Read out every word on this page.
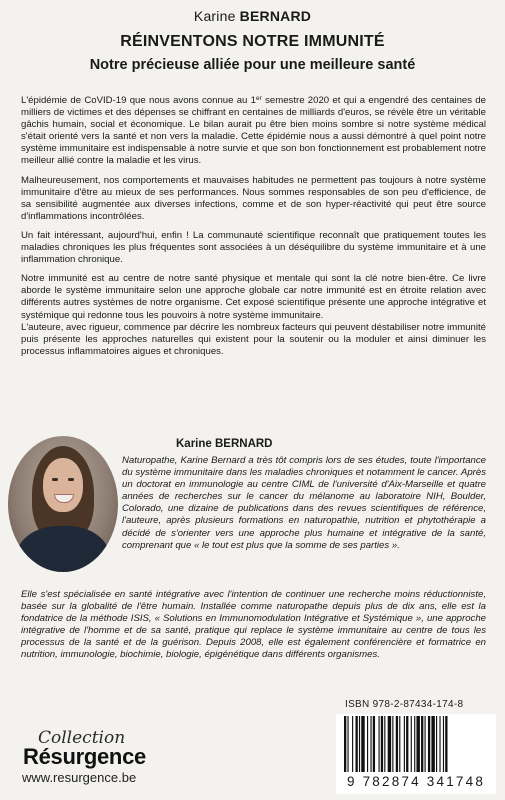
Karine BERNARD
RÉINVENTONS NOTRE IMMUNITÉ
Notre précieuse alliée pour une meilleure santé

L'épidémie de CoVID-19 que nous avons connue au 1er semestre 2020 et qui a engendré des centaines de milliers de victimes et des dépenses se chiffrant en centaines de milliards d'euros, se révèle être un véritable gâchis humain, social et économique. Le bilan aurait pu être bien moins sombre si notre système médical s'était orienté vers la santé et non vers la maladie. Cette épidémie nous a aussi démontré à quel point notre système immunitaire est indispensable à notre survie et que son bon fonctionnement est probablement notre meilleur allié contre la maladie et les virus.

Malheureusement, nos comportements et mauvaises habitudes ne permettent pas toujours à notre système immunitaire d'être au mieux de ses performances. Nous sommes responsables de son peu d'efficience, de sa sensibilité augmentée aux diverses infections, comme et de son hyper-réactivité qui peut être source d'inflammations incontrôlées.

Un fait intéressant, aujourd'hui, enfin ! La communauté scientifique reconnaît que pratiquement toutes les maladies chroniques les plus fréquentes sont associées à un déséquilibre du système immunitaire et à une inflammation chronique.

Notre immunité est au centre de notre santé physique et mentale qui sont la clé notre bien-être. Ce livre aborde le système immunitaire selon une approche globale car notre immunité est en étroite relation avec différents autres systèmes de notre organisme. Cet exposé scientifique présente une approche intégrative et systémique qui redonne tous les pouvoirs à notre système immunitaire.

L'auteure, avec rigueur, commence par décrire les nombreux facteurs qui peuvent déstabiliser notre immunité puis présente les approches naturelles qui existent pour la soutenir ou la moduler et ainsi diminuer les processus inflammatoires aigues et chroniques.

Karine BERNARD
Naturopathe, Karine Bernard a très tôt compris lors de ses études, toute l'importance du système immunitaire dans les maladies chroniques et notamment le cancer. Après un doctorat en immunologie au centre CIML de l'université d'Aix-Marseille et quatre années de recherches sur le cancer du mélanome au laboratoire NIH, Boulder, Colorado, une dizaine de publications dans des revues scientifiques de référence, l'auteure, après plusieurs formations en naturopathie, nutrition et phytothérapie a décidé de s'orienter vers une approche plus humaine et intégrative de la santé, comprenant que « le tout est plus que la somme de ses parties ».
Elle s'est spécialisée en santé intégrative avec l'intention de continuer une recherche moins réductionniste, basée sur la globalité de l'être humain. Installée comme naturopathe depuis plus de dix ans, elle est la fondatrice de la méthode ISIS, « Solutions en Immunomodulation Intégrative et Systémique », une approche intégrative de l'homme et de sa santé, pratique qui replace le système immunitaire au centre de tous les processus de la santé et de la guérison. Depuis 2008, elle est également conférencière et formatrice en nutrition, immunologie, biochimie, biologie, épigénétique dans différents organismes.
Collection
Résurgence
www.resurgence.be
ISBN 978-2-87434-174-8
9 782874 341748
